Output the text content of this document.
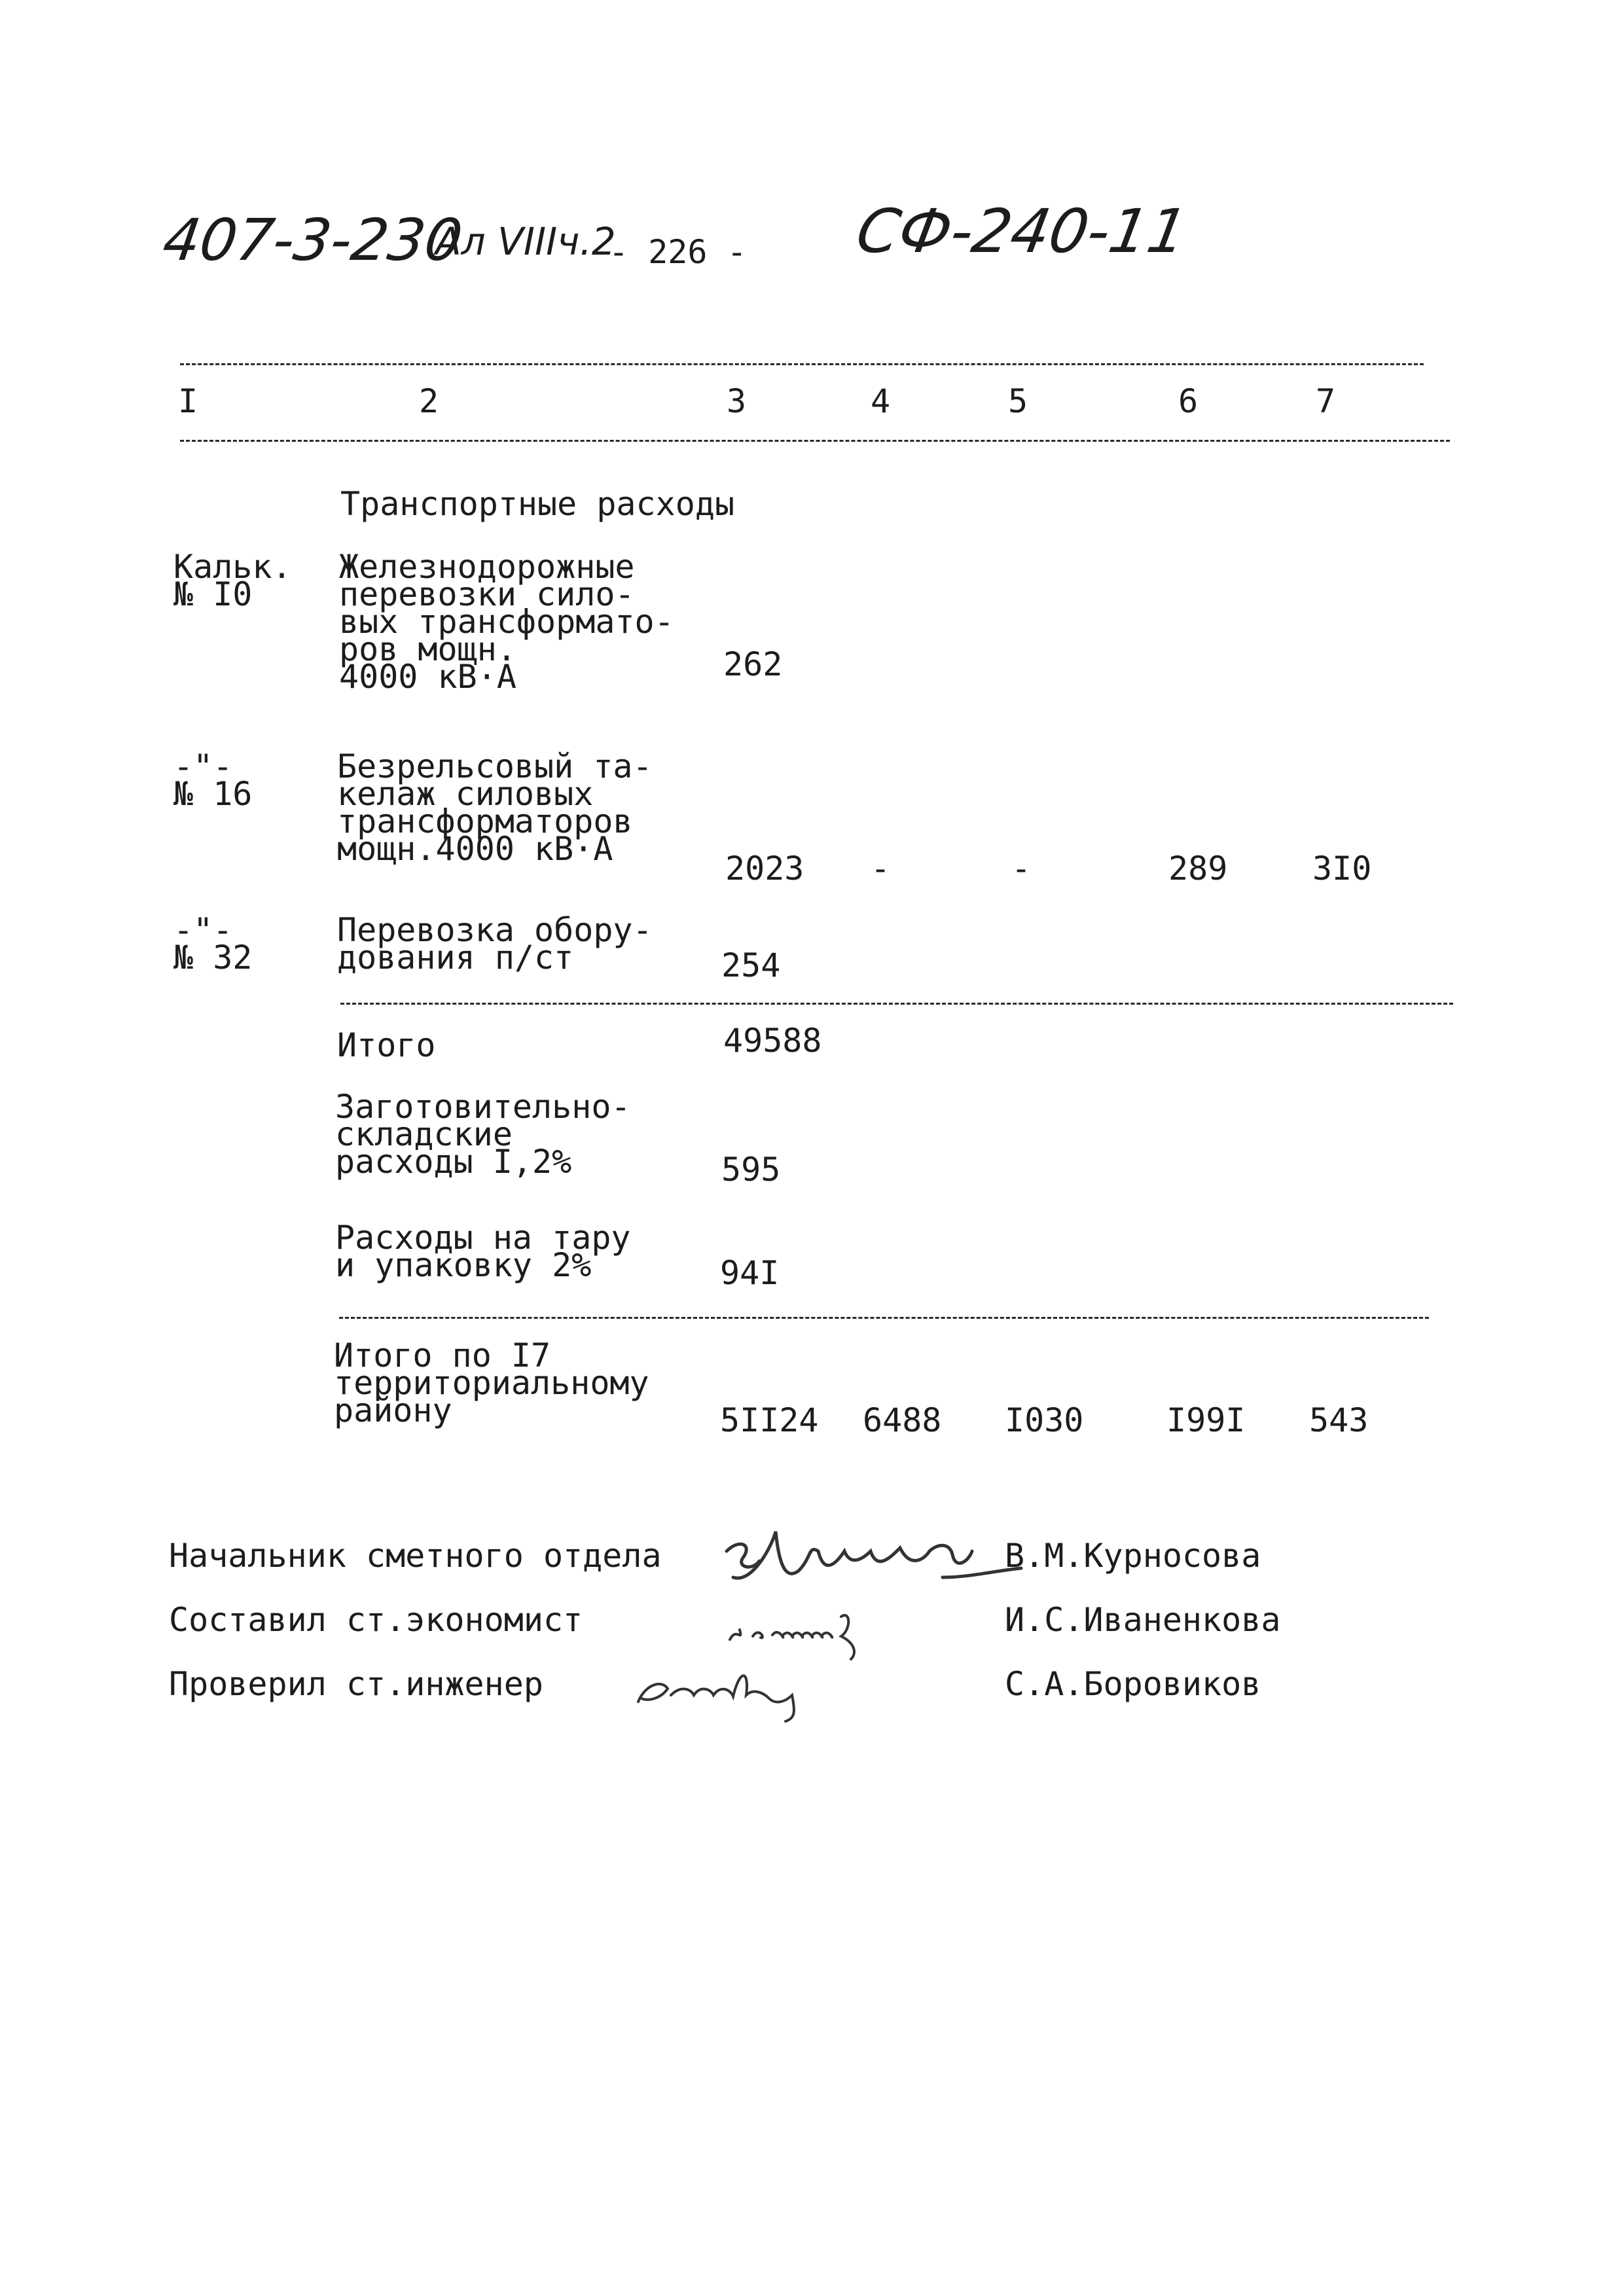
407-3-230
Ал VIIIч.2
- 226 - СФ-240-11
I	2	3	4	5	6	7
Транспортные расходы
Кальк.
№ I0
Железнодорожные
перевозки сило-
вых трансформато-
ров мощн.
4000 кВ·А	262
-"-
№ 16
Безрельсовый та-
келаж силовых
трансформаторов
мощн.4000 кВ·А
2023 -	-	289	3I0
-"-
№ 32
Перевозка обору-
дования п/ст	254
Итого	49588
Заготовительно-
складские
расходы I,2%	595
Расходы на тару
и упаковку 2%	94I
Итого по I7
территориальному
району	5II24 6488 I030	I99I 543
Начальник сметного отдела	В.М.Курносова
Составил ст.экономист	И.С.Иваненкова
Проверил ст.инженер	С.А.Боровиков
